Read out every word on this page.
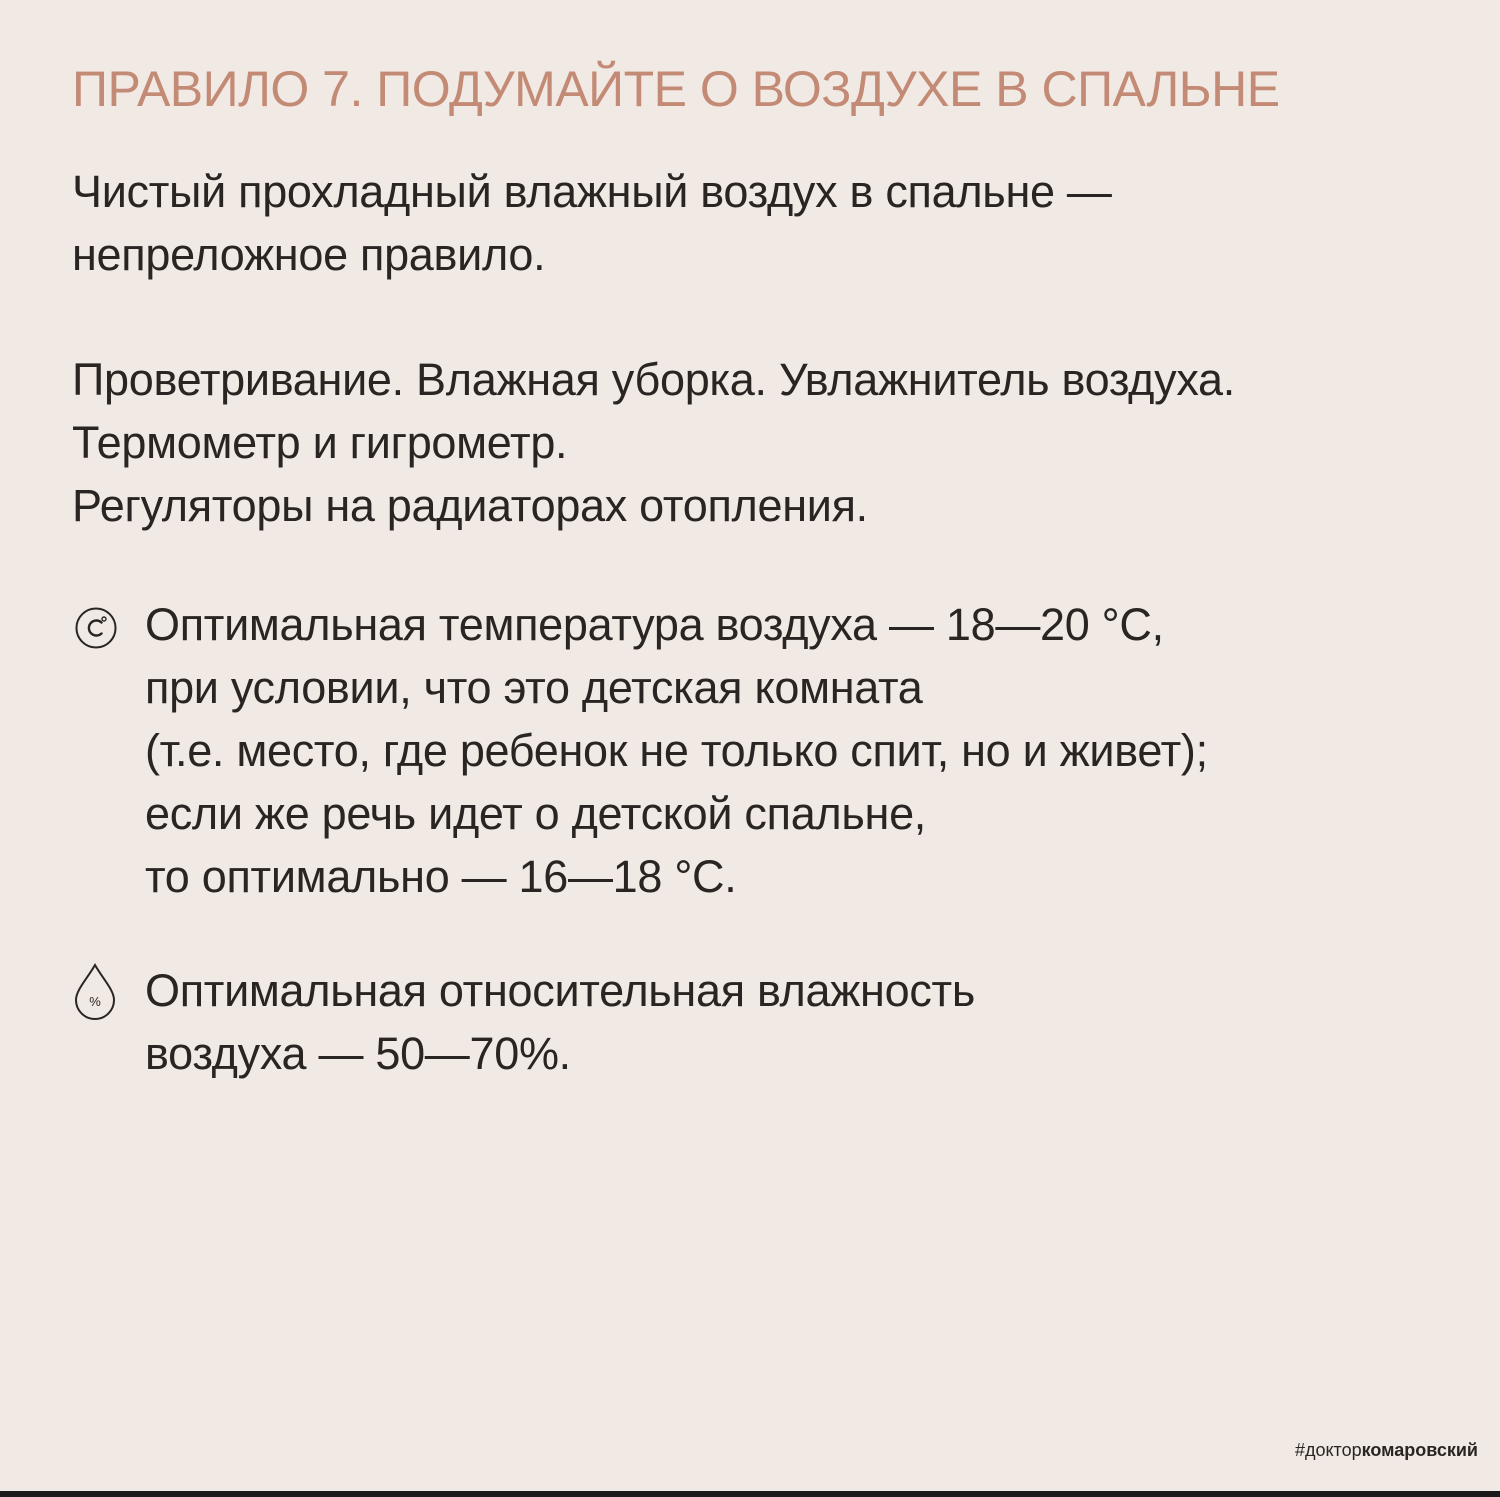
ПРАВИЛО 7. ПОДУМАЙТЕ О ВОЗДУХЕ В СПАЛЬНЕ
Чистый прохладный влажный воздух в спальне —
непреложное правило.
Проветривание. Влажная уборка. Увлажнитель воздуха.
Термометр и гигрометр.
Регуляторы на радиаторах отопления.
Оптимальная температура воздуха — 18—20 °С,
при условии, что это детская комната
(т.е. место, где ребенок не только спит, но и живет);
если же речь идет о детской спальне,
то оптимально — 16—18 °С.
% Оптимальная относительная влажность
воздуха — 50—70%.
#докторкомаровский
